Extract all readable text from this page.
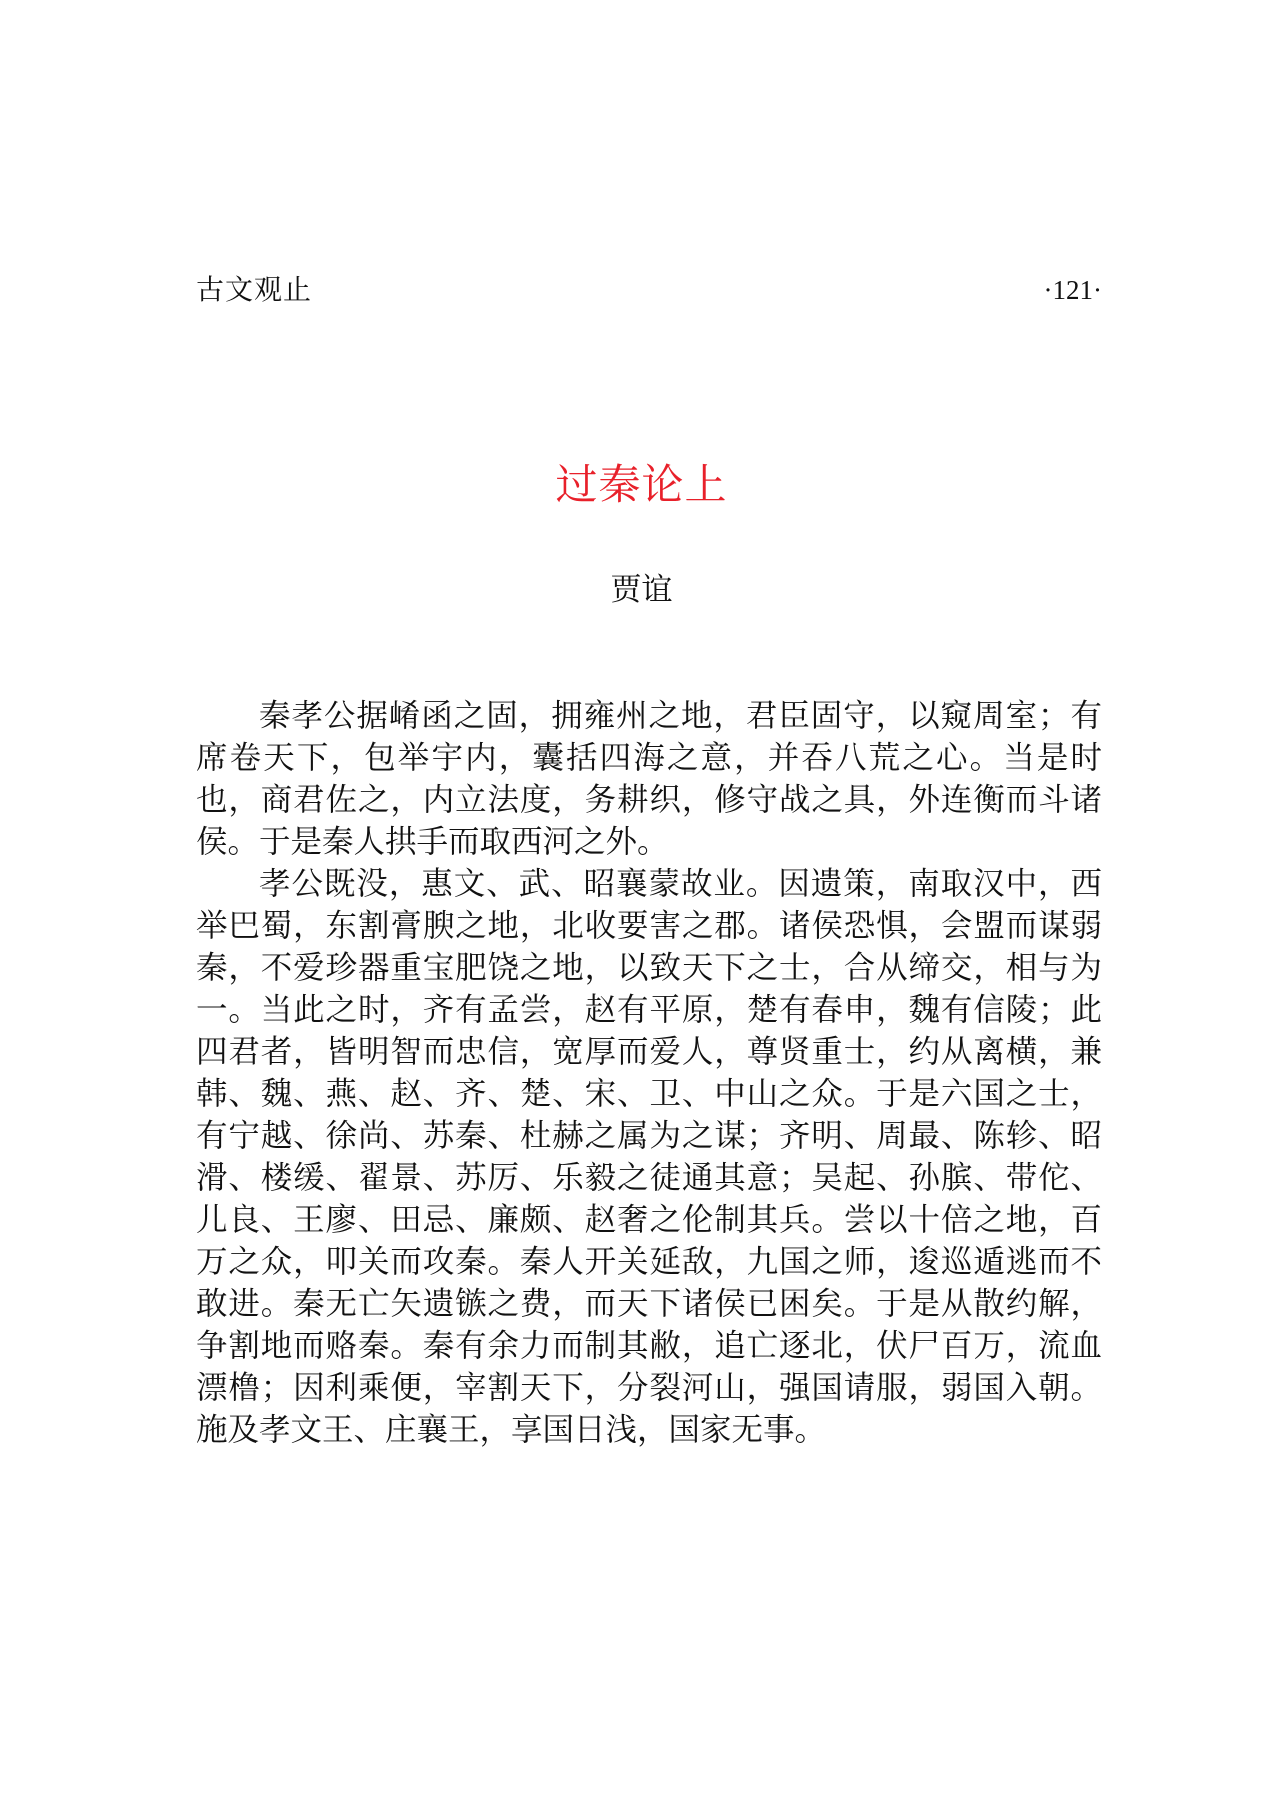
古文观止	·121·
过秦论上
贾谊

秦孝公据崤函之固，拥雍州之地，君臣固守，以窥周室；有席卷天下，包举宇内，囊括四海之意，并吞八荒之心。当是时也，商君佐之，内立法度，务耕织，修守战之具，外连衡而斗诸侯。于是秦人拱手而取西河之外。

孝公既没，惠文、武、昭襄蒙故业。因遗策，南取汉中，西举巴蜀，东割膏腴之地，北收要害之郡。诸侯恐惧，会盟而谋弱秦，不爱珍器重宝肥饶之地，以致天下之士，合从缔交，相与为一。当此之时，齐有孟尝，赵有平原，楚有春申，魏有信陵；此四君者，皆明智而忠信，宽厚而爱人，尊贤重士，约从离横，兼韩、魏、燕、赵、齐、楚、宋、卫、中山之众。于是六国之士，有宁越、徐尚、苏秦、杜赫之属为之谋；齐明、周最、陈轸、昭滑、楼缓、翟景、苏厉、乐毅之徒通其意；吴起、孙膑、带佗、儿良、王廖、田忌、廉颇、赵奢之伦制其兵。尝以十倍之地，百万之众，叩关而攻秦。秦人开关延敌，九国之师，逡巡遁逃而不敢进。秦无亡矢遗镞之费，而天下诸侯已困矣。于是从散约解，争割地而赂秦。秦有余力而制其敝，追亡逐北，伏尸百万，流血漂橹；因利乘便，宰割天下，分裂河山，强国请服，弱国入朝。施及孝文王、庄襄王，享国日浅，国家无事。
